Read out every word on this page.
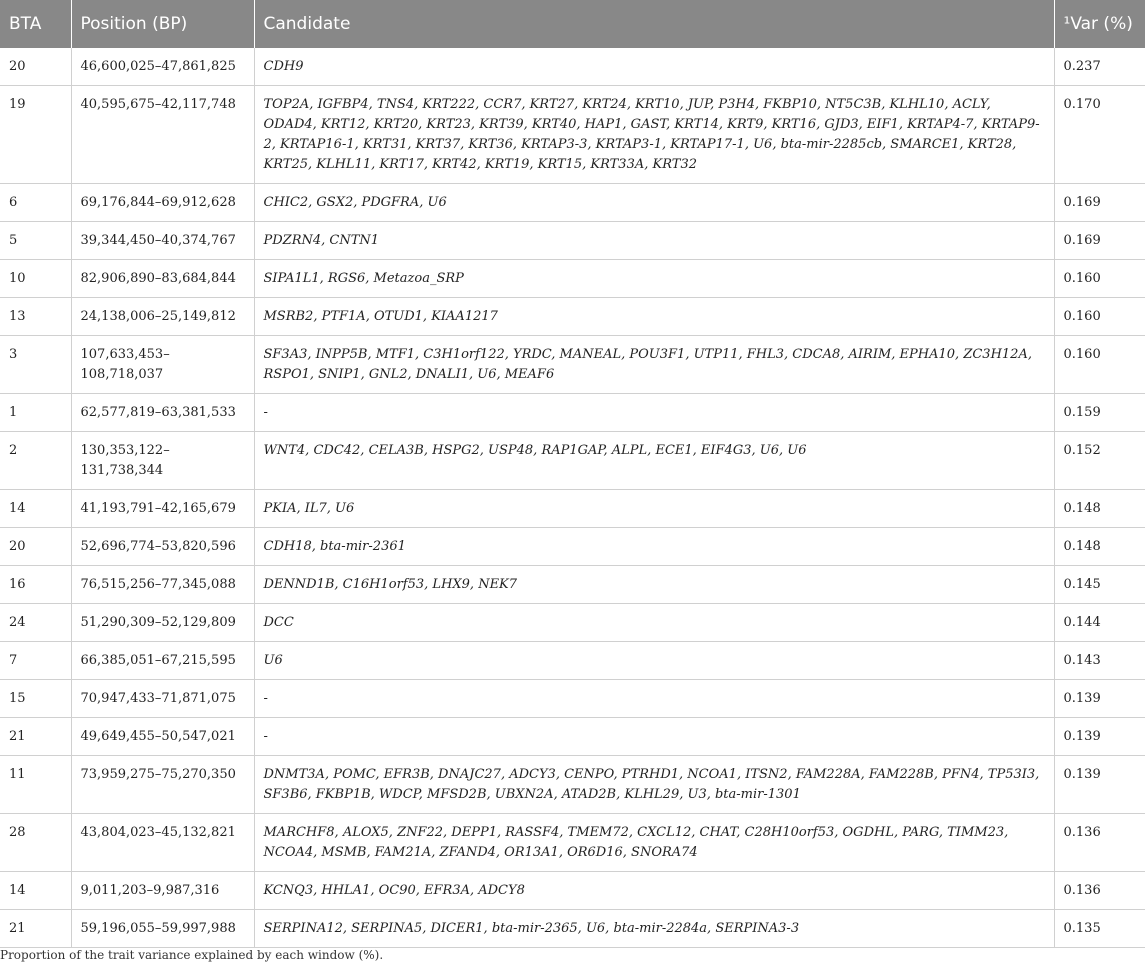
BTA	Position (BP)	Candidate	¹Var (%)
20	46,600,025–47,861,825	CDH9	0.237
19	40,595,675–42,117,748	TOP2A, IGFBP4, TNS4, KRT222, CCR7, KRT27, KRT24, KRT10, JUP, P3H4, FKBP10, NT5C3B, KLHL10, ACLY, ODAD4, KRT12, KRT20, KRT23, KRT39, KRT40, HAP1, GAST, KRT14, KRT9, KRT16, GJD3, EIF1, KRTAP4-7, KRTAP9-2, KRTAP16-1, KRT31, KRT37, KRT36, KRTAP3-3, KRTAP3-1, KRTAP17-1, U6, bta-mir-2285cb, SMARCE1, KRT28, KRT25, KLHL11, KRT17, KRT42, KRT19, KRT15, KRT33A, KRT32	0.170
6	69,176,844–69,912,628	CHIC2, GSX2, PDGFRA, U6	0.169
5	39,344,450–40,374,767	PDZRN4, CNTN1	0.169
10	82,906,890–83,684,844	SIPA1L1, RGS6, Metazoa_SRP	0.160
13	24,138,006–25,149,812	MSRB2, PTF1A, OTUD1, KIAA1217	0.160
3	107,633,453–108,718,037	SF3A3, INPP5B, MTF1, C3H1orf122, YRDC, MANEAL, POU3F1, UTP11, FHL3, CDCA8, AIRIM, EPHA10, ZC3H12A, RSPO1, SNIP1, GNL2, DNALI1, U6, MEAF6	0.160
1	62,577,819–63,381,533	-	0.159
2	130,353,122–131,738,344	WNT4, CDC42, CELA3B, HSPG2, USP48, RAP1GAP, ALPL, ECE1, EIF4G3, U6, U6	0.152
14	41,193,791–42,165,679	PKIA, IL7, U6	0.148
20	52,696,774–53,820,596	CDH18, bta-mir-2361	0.148
16	76,515,256–77,345,088	DENND1B, C16H1orf53, LHX9, NEK7	0.145
24	51,290,309–52,129,809	DCC	0.144
7	66,385,051–67,215,595	U6	0.143
15	70,947,433–71,871,075	-	0.139
21	49,649,455–50,547,021	-	0.139
11	73,959,275–75,270,350	DNMT3A, POMC, EFR3B, DNAJC27, ADCY3, CENPO, PTRHD1, NCOA1, ITSN2, FAM228A, FAM228B, PFN4, TP53I3, SF3B6, FKBP1B, WDCP, MFSD2B, UBXN2A, ATAD2B, KLHL29, U3, bta-mir-1301	0.139
28	43,804,023–45,132,821	MARCHF8, ALOX5, ZNF22, DEPP1, RASSF4, TMEM72, CXCL12, CHAT, C28H10orf53, OGDHL, PARG, TIMM23, NCOA4, MSMB, FAM21A, ZFAND4, OR13A1, OR6D16, SNORA74	0.136
14	9,011,203–9,987,316	KCNQ3, HHLA1, OC90, EFR3A, ADCY8	0.136
21	59,196,055–59,997,988	SERPINA12, SERPINA5, DICER1, bta-mir-2365, U6, bta-mir-2284a, SERPINA3-3	0.135

Proportion of the trait variance explained by each window (%).
